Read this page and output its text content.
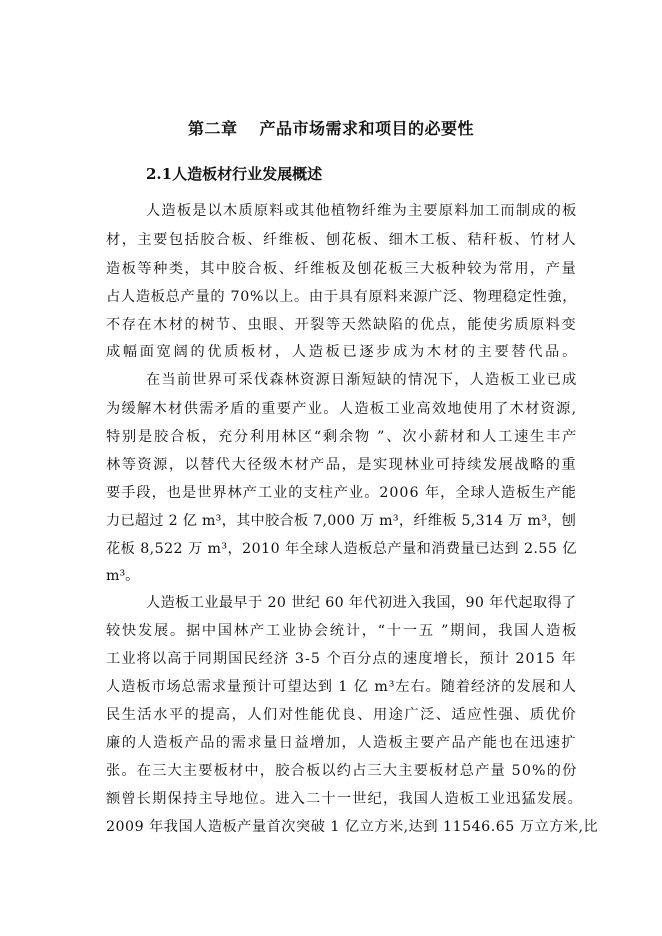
第二章 产品市场需求和项目的必要性
2.1人造板材行业发展概述
人造板是以木质原料或其他植物纤维为主要原料加工而制成的板
材，主要包括胶合板、纤维板、刨花板、细木工板、秸秆板、竹材人
造板等种类，其中胶合板、纤维板及刨花板三大板种较为常用，产量
占人造板总产量的 70%以上。由于具有原料来源广泛、物理稳定性強，
不存在木材的树节、虫眼、开裂等天然缺陷的优点，能使劣质原料变
成幅面宽阔的优质板材，人造板已逐步成为木材的主要替代品。
在当前世界可采伐森林资源日渐短缺的情况下，人造板工业已成
为缓解木材供需矛盾的重要产业。人造板工业高效地使用了木材资源,
特别是胶合板，充分利用林区“剩余物 ”、次小薪材和人工速生丰产
林等资源，以替代大径级木材产品，是实现林业可持续发展战略的重
要手段，也是世界林产工业的支柱产业。2006 年，全球人造板生产能
力已超过 2 亿 m³，其中胶合板 7,000 万 m³，纤维板 5,314 万 m³，刨
花板 8,522 万 m³，2010 年全球人造板总产量和消费量已达到 2.55 亿
m³。
人造板工业最早于 20 世纪 60 年代初进入我国，90 年代起取得了
较快发展。据中国林产工业协会统计，“十一五 ”期间，我国人造板
工业将以高于同期国民经济 3-5 个百分点的速度增长，预计 2015 年
人造板市场总需求量预计可望达到 1 亿 m³左右。随着经济的发展和人
民生活水平的提高，人们对性能优良、用途广泛、适应性强、质优价
廉的人造板产品的需求量日益增加，人造板主要产品产能也在迅速扩
张。在三大主要板材中，胶合板以约占三大主要板材总产量 50%的份
额曾长期保持主导地位。进入二十一世纪，我国人造板工业迅猛发展。
2009 年我国人造板产量首次突破 1 亿立方米,达到 11546.65 万立方米,比
